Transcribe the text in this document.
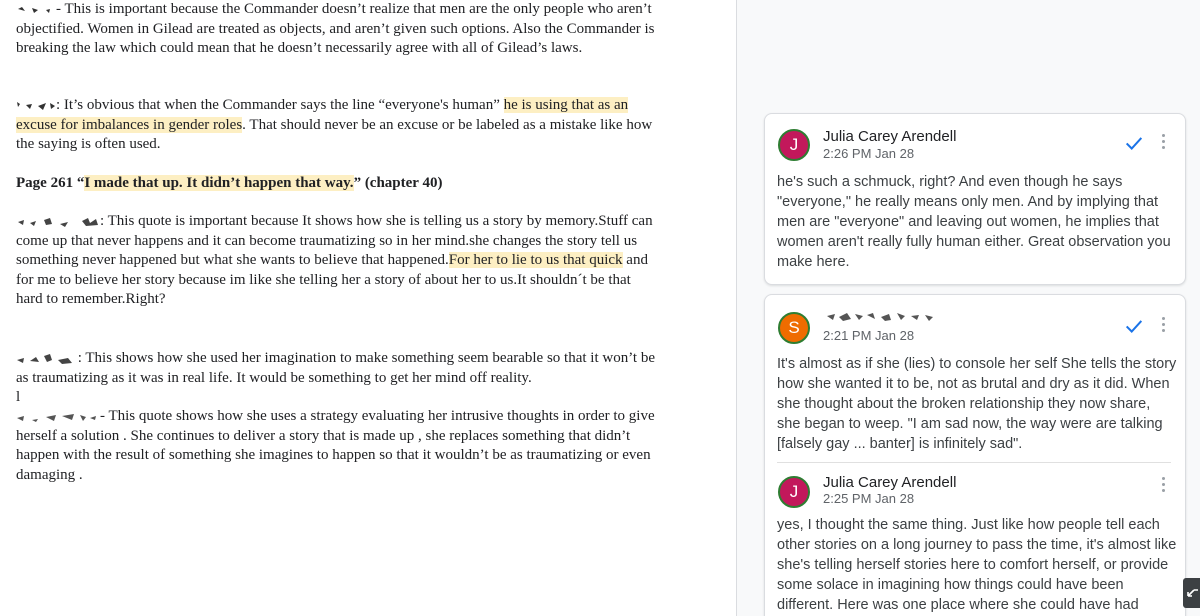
- This is important because the Commander doesn’t realize that men are the only people who aren’t objectified. Women in Gilead are treated as objects, and aren’t given such options. Also the Commander is breaking the law which could mean that he doesn’t necessarily agree with all of Gilead’s laws.
: It’s obvious that when the Commander says the line “everyone's human” he is using that as an excuse for imbalances in gender roles. That should never be an excuse or be labeled as a mistake like how the saying is often used.
Page 261 “I made that up. It didn’t happen that way.” (chapter 40)
: This quote is important because It shows how she is telling us a story by memory.Stuff can come up that never happens and it can become traumatizing so in her mind.she changes the story tell us something never happened but what she wants to believe that happened.For her to lie to us that quick and for me to believe her story because im like she telling her a story of about her to us.It shouldn´t be that hard to remember.Right?
: This shows how she used her imagination to make something seem bearable so that it won’t be as traumatizing as it was in real life. It would be something to get her mind off reality.
l
- This quote shows how she uses a strategy evaluating her intrusive thoughts in order to give herself a solution . She continues to deliver a story that is made up , she replaces something that didn’t happen with the result of something she imagines to happen so that it wouldn’t be as traumatizing or even damaging .
J	Julia Carey Arendell
2:26 PM Jan 28
he's such a schmuck, right? And even though he says "everyone," he really means only men. And by implying that men are "everyone" and leaving out women, he implies that women aren't really fully human either. Great observation you make here.
S	2:21 PM Jan 28
It's almost as if she (lies) to console her self She tells the story how she wanted it to be, not as brutal and dry as it did. When she thought about the broken relationship they now share, she began to weep. "I am sad now, the way were are talking [falsely gay ... banter] is infinitely sad".
J	Julia Carey Arendell
2:25 PM Jan 28
yes, I thought the same thing. Just like how people tell each other stories on a long journey to pass the time, it's almost like she's telling herself stories here to comfort herself, or provide some solace in imagining how things could have been different. Here was one place where she could have had
